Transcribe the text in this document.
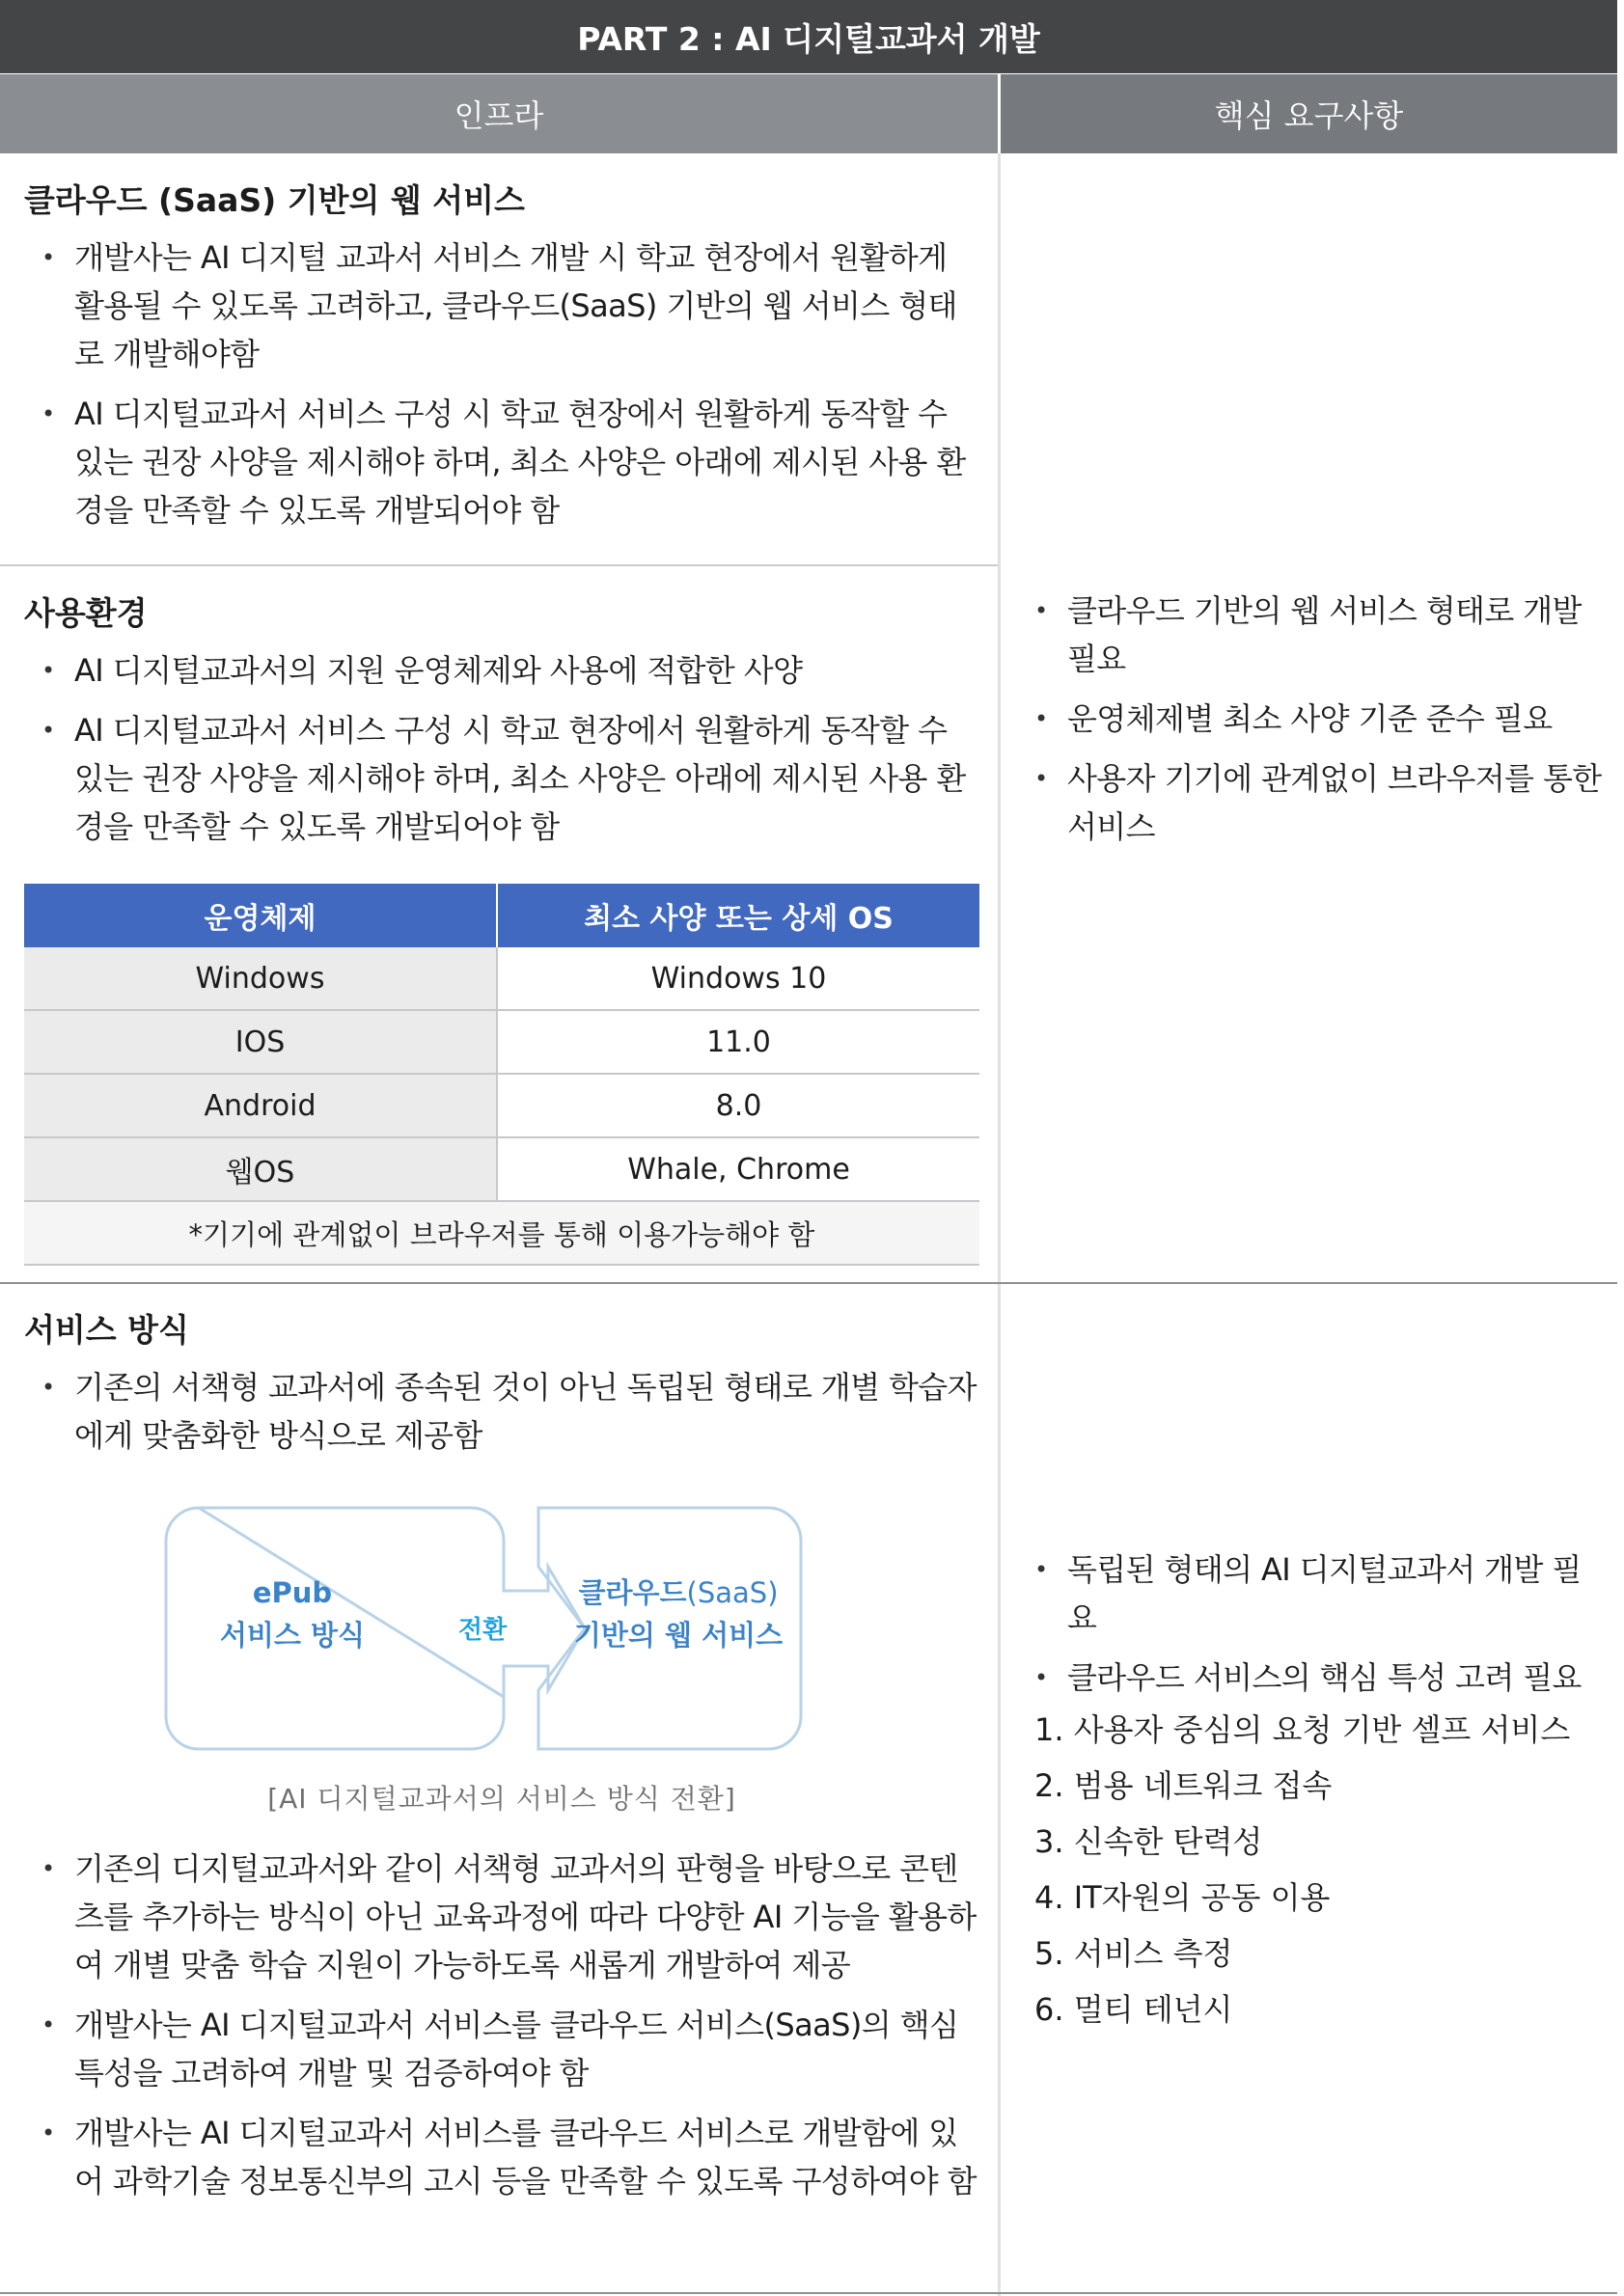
PART 2 : AI 디지털교과서 개발
인프라	핵심 요구사항
클라우드 (SaaS) 기반의 웹 서비스
• 개발사는 AI 디지털 교과서 서비스 개발 시 학교 현장에서 원활하게 활용될 수 있도록 고려하고, 클라우드(SaaS) 기반의 웹 서비스 형태로 개발해야함
• AI 디지털교과서 서비스 구성 시 학교 현장에서 원활하게 동작할 수 있는 권장 사양을 제시해야 하며, 최소 사양은 아래에 제시된 사용 환경을 만족할 수 있도록 개발되어야 함
사용환경
• AI 디지털교과서의 지원 운영체제와 사용에 적합한 사양
• AI 디지털교과서 서비스 구성 시 학교 현장에서 원활하게 동작할 수 있는 권장 사양을 제시해야 하며, 최소 사양은 아래에 제시된 사용 환경을 만족할 수 있도록 개발되어야 함
운영체제	최소 사양 또는 상세 OS
Windows	Windows 10
IOS	11.0
Android	8.0
웹OS	Whale, Chrome
*기기에 관계없이 브라우저를 통해 이용가능해야 함	
• 클라우드 기반의 웹 서비스 형태로 개발 필요
• 운영체제별 최소 사양 기준 준수 필요
• 사용자 기기에 관계없이 브라우저를 통한 서비스
서비스 방식
• 기존의 서책형 교과서에 종속된 것이 아닌 독립된 형태로 개별 학습자에게 맞춤화한 방식으로 제공함
ePub
서비스 방식	전환
클라우드(SaaS)
기반의 웹 서비스
[AI 디지털교과서의 서비스 방식 전환]
• 기존의 디지털교과서와 같이 서책형 교과서의 판형을 바탕으로 콘텐츠를 추가하는 방식이 아닌 교육과정에 따라 다양한 AI 기능을 활용하여 개별 맞춤 학습 지원이 가능하도록 새롭게 개발하여 제공
• 개발사는 AI 디지털교과서 서비스를 클라우드 서비스(SaaS)의 핵심 특성을 고려하여 개발 및 검증하여야 함
• 개발사는 AI 디지털교과서 서비스를 클라우드 서비스로 개발함에 있어 과학기술 정보통신부의 고시 등을 만족할 수 있도록 구성하여야 함
• 독립된 형태의 AI 디지털교과서 개발 필요
• 클라우드 서비스의 핵심 특성 고려 필요
1. 사용자 중심의 요청 기반 셀프 서비스
2. 범용 네트워크 접속
3. 신속한 탄력성
4. IT자원의 공동 이용
5. 서비스 측정
6. 멀티 테넌시
